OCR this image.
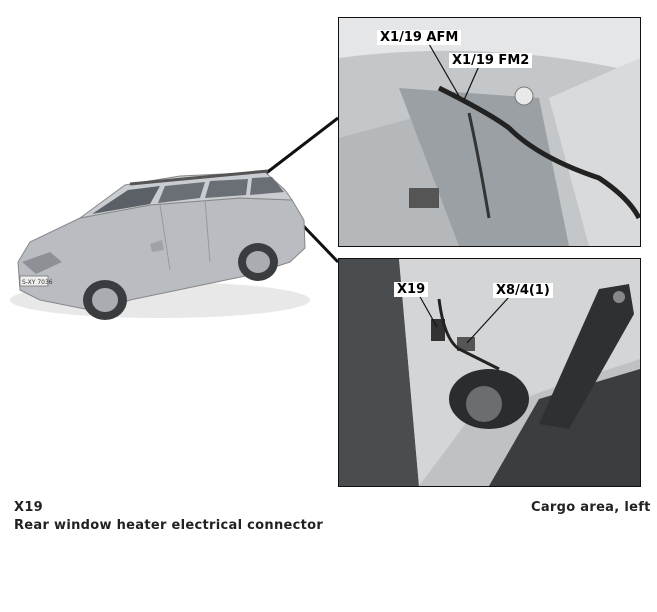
S-XY 7036
X1/19 AFM
X1/19 FM2
X19	X8/4(1)
X19
Rear window heater electrical connector
Cargo area, left
